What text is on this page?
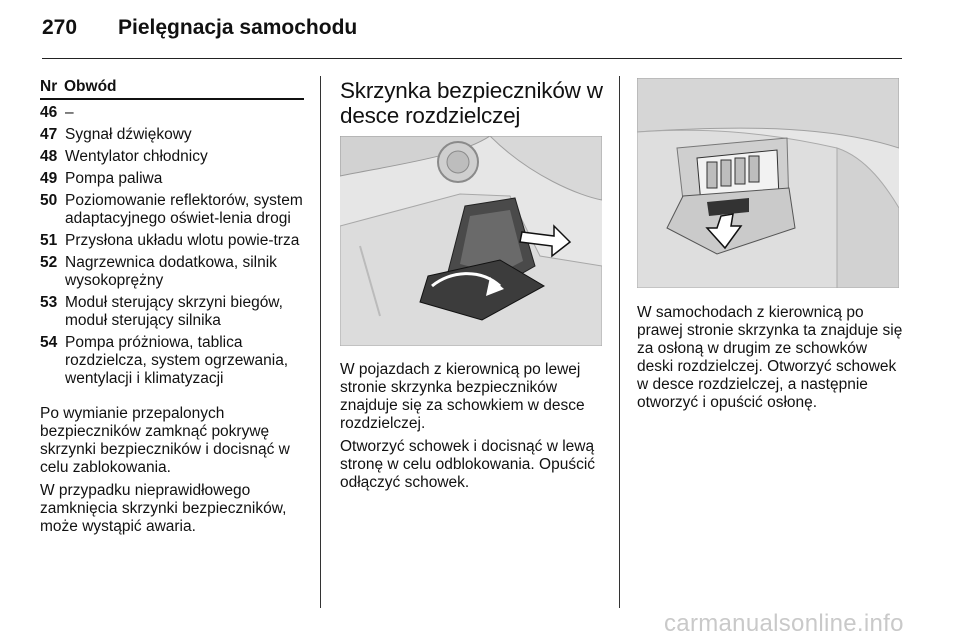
270 Pielęgnacja samochodu
Nr Obwód
46 –
47 Sygnał dźwiękowy
48 Wentylator chłodnicy
49 Pompa paliwa
50 Poziomowanie reflektorów, system adaptacyjnego oświet-lenia drogi
51 Przysłona układu wlotu powie-trza
52 Nagrzewnica dodatkowa, silnik wysokoprężny
53 Moduł sterujący skrzyni biegów, moduł sterujący silnika
54 Pompa próżniowa, tablica rozdzielcza, system ogrzewania, wentylacji i klimatyzacji

Po wymianie przepalonych bezpieczników zamknąć pokrywę skrzynki bezpieczników i docisnąć w celu zablokowania.

W przypadku nieprawidłowego zamknięcia skrzynki bezpieczników, może wystąpić awaria.

Skrzynka bezpieczników w desce rozdzielczej

W pojazdach z kierownicą po lewej stronie skrzynka bezpieczników znajduje się za schowkiem w desce rozdzielczej.

Otworzyć schowek i docisnąć w lewą stronę w celu odblokowania. Opuścić odłączyć schowek.

W samochodach z kierownicą po prawej stronie skrzynka ta znajduje się za osłoną w drugim ze schowków deski rozdzielczej. Otworzyć schowek w desce rozdzielczej, a następnie otworzyć i opuścić osłonę.

carmanualsonline.info
